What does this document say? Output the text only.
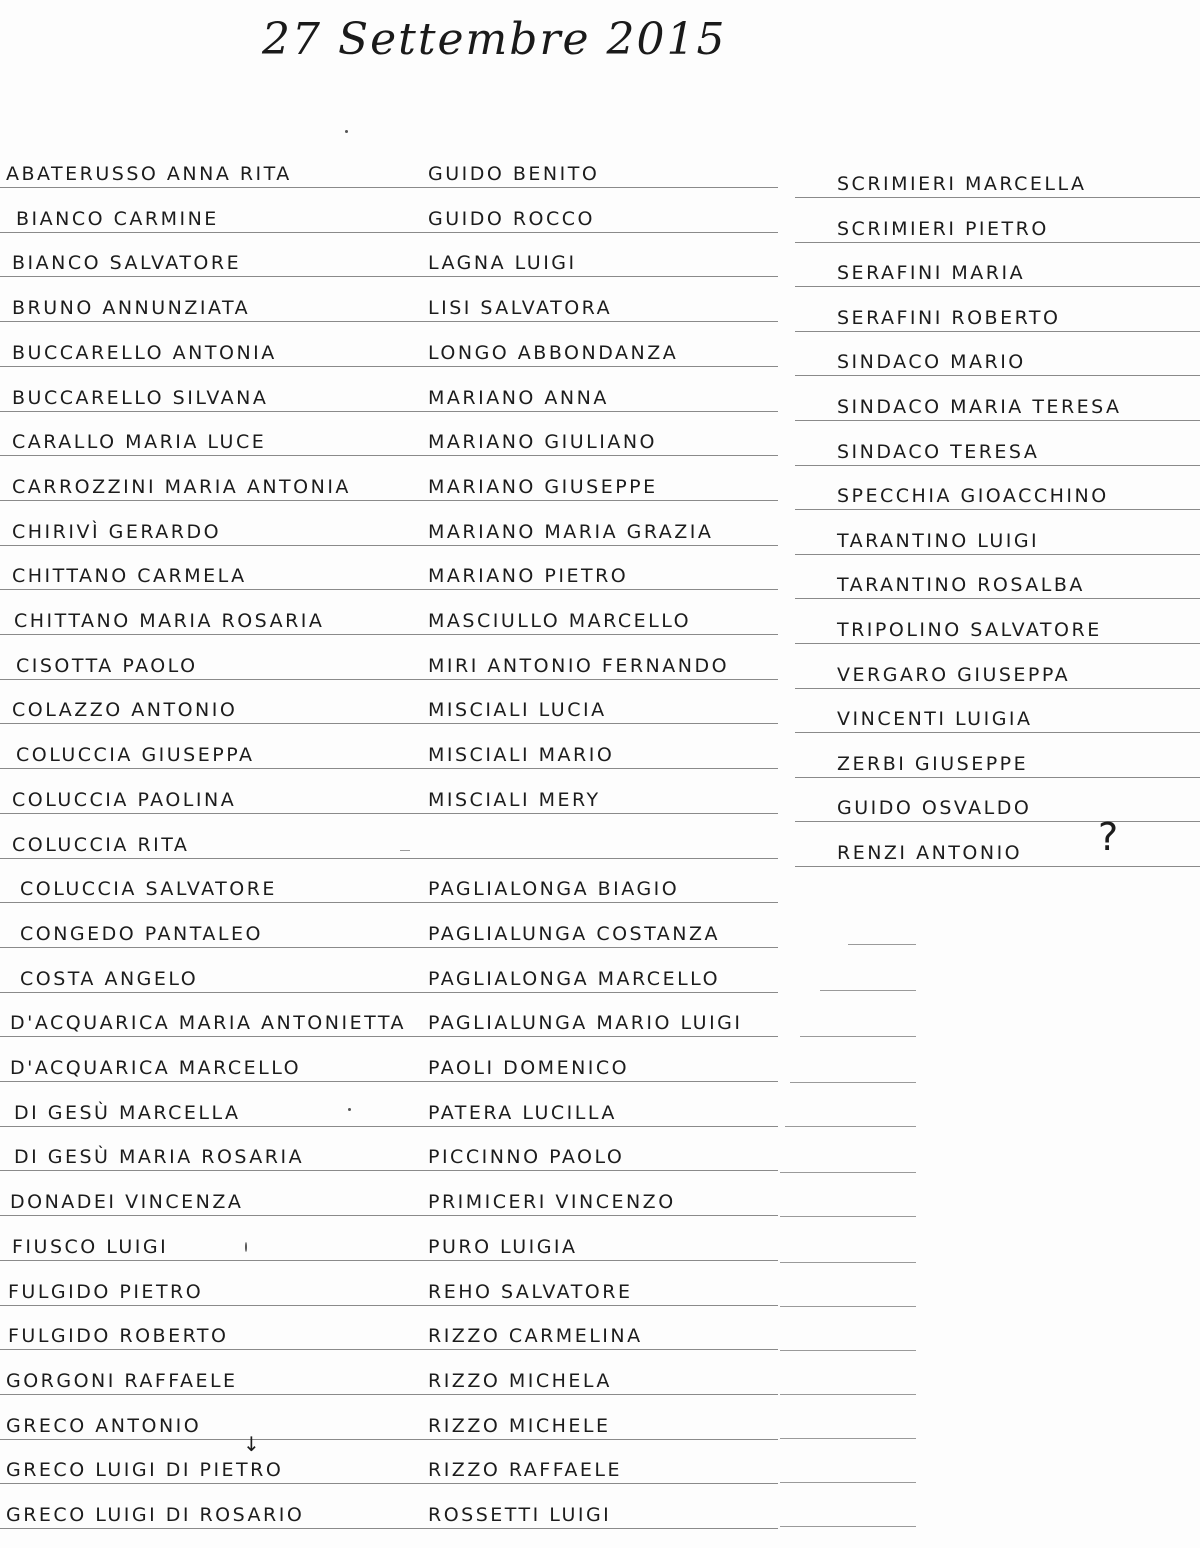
27 Settembre 2015
ABATERUSSO ANNA RITA
BIANCO CARMINE
BIANCO SALVATORE
BRUNO ANNUNZIATA
BUCCARELLO ANTONIA
BUCCARELLO SILVANA
CARALLO MARIA LUCE
CARROZZINI MARIA ANTONIA
CHIRIVÌ GERARDO
CHITTANO CARMELA
CHITTANO MARIA ROSARIA
CISOTTA PAOLO
COLAZZO ANTONIO
COLUCCIA GIUSEPPA
COLUCCIA PAOLINA
COLUCCIA RITA
COLUCCIA SALVATORE
CONGEDO PANTALEO
COSTA ANGELO
D'ACQUARICA MARIA ANTONIETTA
D'ACQUARICA MARCELLO
DI GESÙ MARCELLA
DI GESÙ MARIA ROSARIA
DONADEI VINCENZA
FIUSCO LUIGI
FULGIDO PIETRO
FULGIDO ROBERTO
GORGONI RAFFAELE
GRECO ANTONIO
GRECO LUIGI DI PIETRO
GRECO LUIGI DI ROSARIO
GUIDO BENITO
GUIDO ROCCO
LAGNA LUIGI
LISI SALVATORA
LONGO ABBONDANZA
MARIANO ANNA
MARIANO GIULIANO
MARIANO GIUSEPPE
MARIANO MARIA GRAZIA
MARIANO PIETRO
MASCIULLO MARCELLO
MIRI ANTONIO FERNANDO
MISCIALI LUCIA
MISCIALI MARIO
MISCIALI MERY
PAGLIALONGA BIAGIO
PAGLIALUNGA COSTANZA
PAGLIALONGA MARCELLO
PAGLIALUNGA MARIO LUIGI
PAOLI DOMENICO
PATERA LUCILLA
PICCINNO PAOLO
PRIMICERI VINCENZO
PURO LUIGIA
REHO SALVATORE
RIZZO CARMELINA
RIZZO MICHELA
RIZZO MICHELE
RIZZO RAFFAELE
ROSSETTI LUIGI
SCRIMIERI MARCELLA
SCRIMIERI PIETRO
SERAFINI MARIA
SERAFINI ROBERTO
SINDACO MARIO
SINDACO MARIA TERESA
SINDACO TERESA
SPECCHIA GIOACCHINO
TARANTINO LUIGI
TARANTINO ROSALBA
TRIPOLINO SALVATORE
VERGARO GIUSEPPA
VINCENTI LUIGIA
ZERBI GIUSEPPE
GUIDO OSVALDO
RENZI ANTONIO ?
↓
